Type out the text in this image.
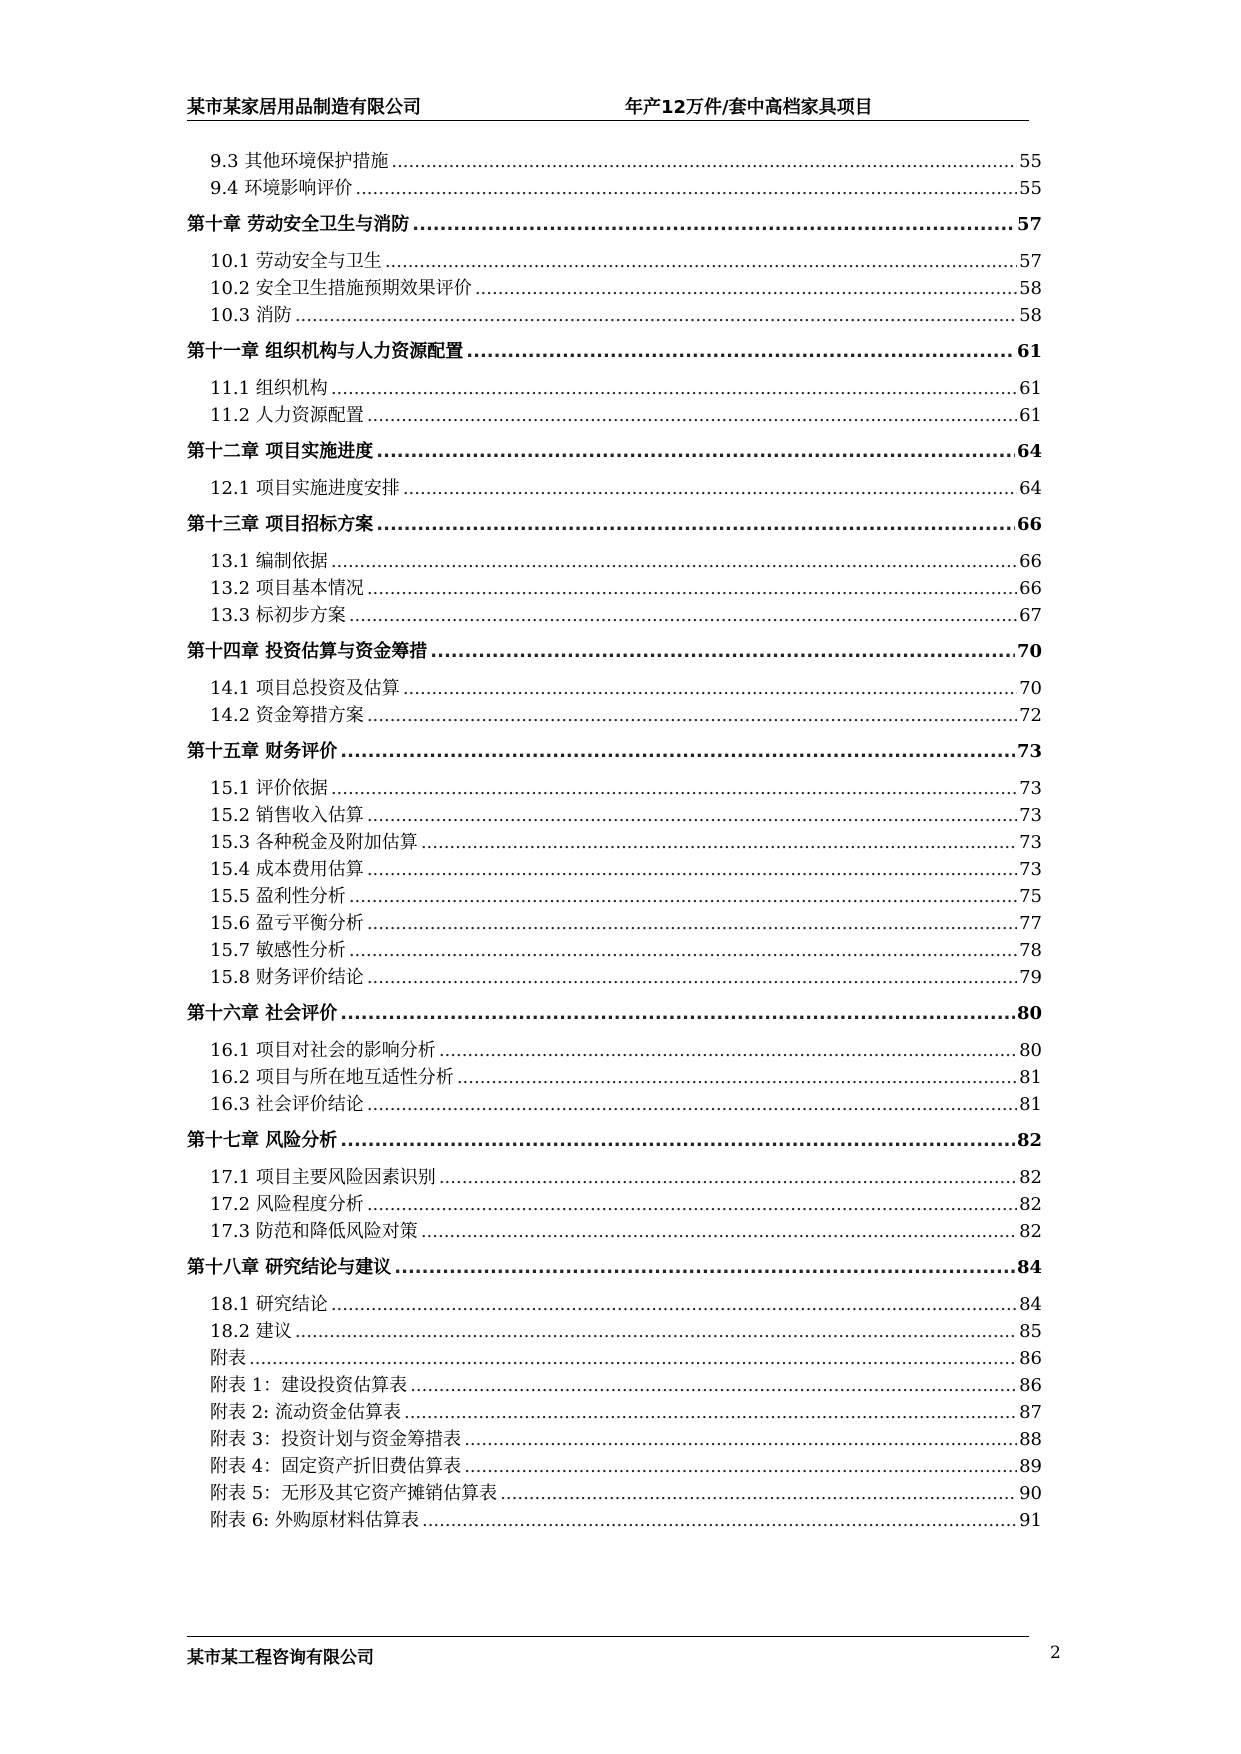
某市某家居用品制造有限公司	年产12万件/套中高档家具项目
9.3 其他环境保护措施 .....	55
9.4 环境影响评价 .....	55
第十章 劳动安全卫生与消防 .....	57
10.1 劳动安全与卫生 .....	57
10.2 安全卫生措施预期效果评价 .....	58
10.3 消防 .....	58
第十一章 组织机构与人力资源配置 .....	61
11.1 组织机构 .....	61
11.2 人力资源配置 .....	61
第十二章 项目实施进度 .....	64
12.1 项目实施进度安排 .....	64
第十三章 项目招标方案 .....	66
13.1 编制依据 .....	66
13.2 项目基本情况 .....	66
13.3 标初步方案 .....	67
第十四章 投资估算与资金筹措 .....	70
14.1 项目总投资及估算 .....	70
14.2 资金筹措方案 .....	72
第十五章 财务评价 .....	73
15.1 评价依据 .....	73
15.2 销售收入估算 .....	73
15.3 各种税金及附加估算 .....	73
15.4 成本费用估算 .....	73
15.5 盈利性分析 .....	75
15.6 盈亏平衡分析 .....	77
15.7 敏感性分析 .....	78
15.8 财务评价结论 .....	79
第十六章 社会评价 .....	80
16.1 项目对社会的影响分析 .....	80
16.2 项目与所在地互适性分析 .....	81
16.3 社会评价结论 .....	81
第十七章 风险分析 .....	82
17.1 项目主要风险因素识别 .....	82
17.2 风险程度分析 .....	82
17.3 防范和降低风险对策 .....	82
第十八章 研究结论与建议 .....	84
18.1 研究结论 .....	84
18.2 建议 .....	85
附表 .....	86
附表 1：建设投资估算表 .....	86
附表 2: 流动资金估算表 .....	87
附表 3：投资计划与资金筹措表 .....	88
附表 4：固定资产折旧费估算表 .....	89
附表 5：无形及其它资产摊销估算表 .....	90
附表 6: 外购原材料估算表 .....	91
某市某工程咨询有限公司	2
